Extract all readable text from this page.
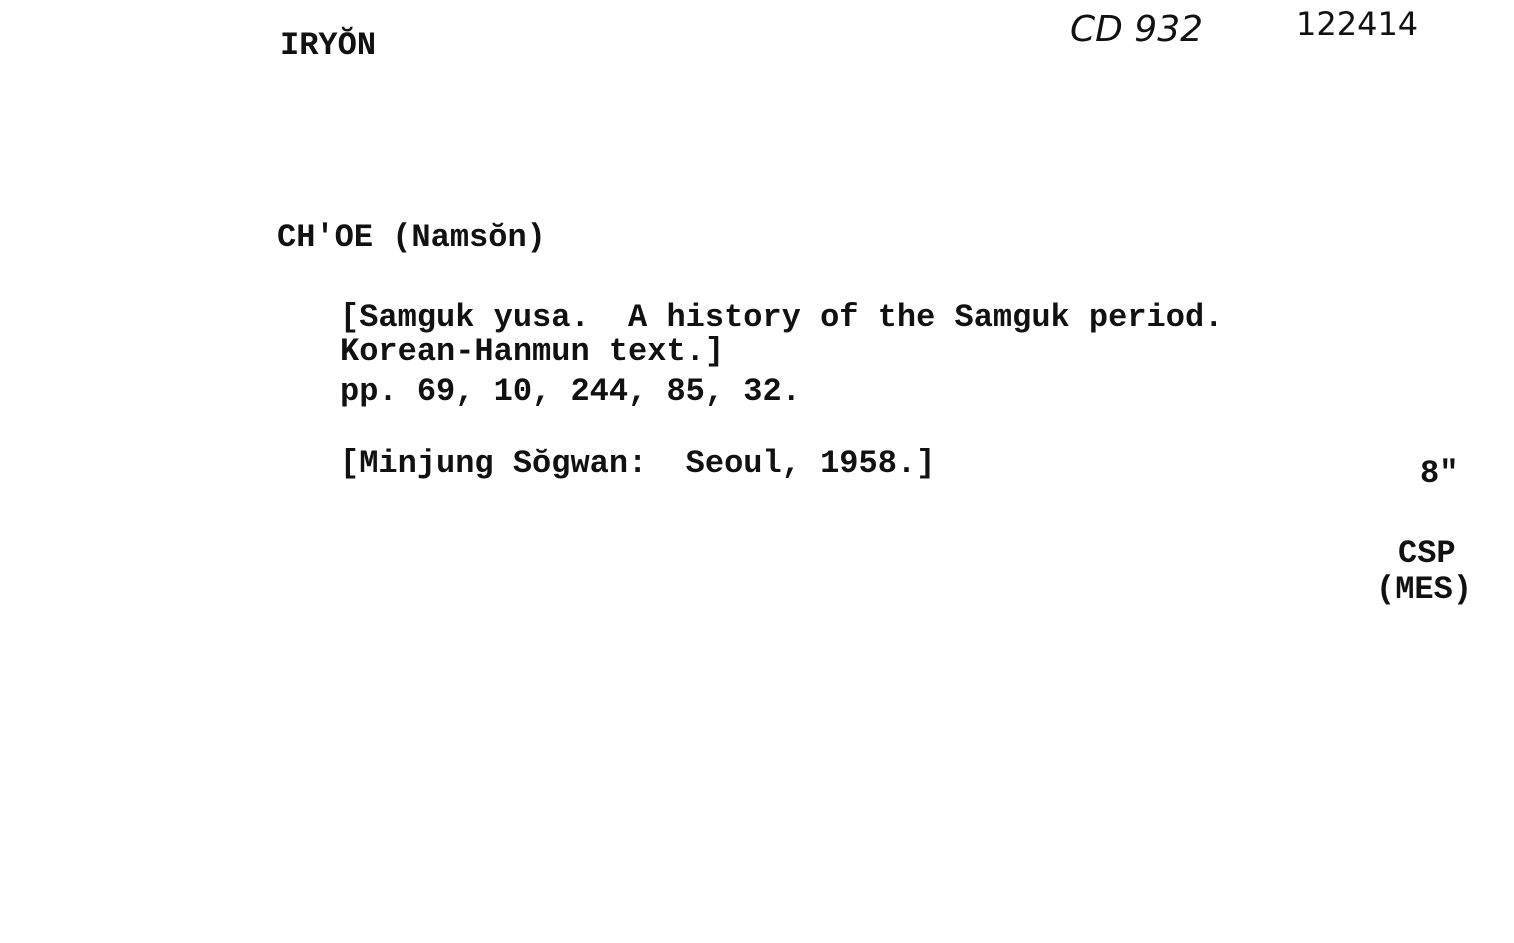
IRYŎN	CD 932	122414
CH'OE (Namsŏn)
[Samguk yusa.  A history of the Samguk period.
Korean-Hanmun text.]
pp. 69, 10, 244, 85, 32.
[Minjung Sŏgwan:  Seoul, 1958.]	8"
CSP
(MES)
